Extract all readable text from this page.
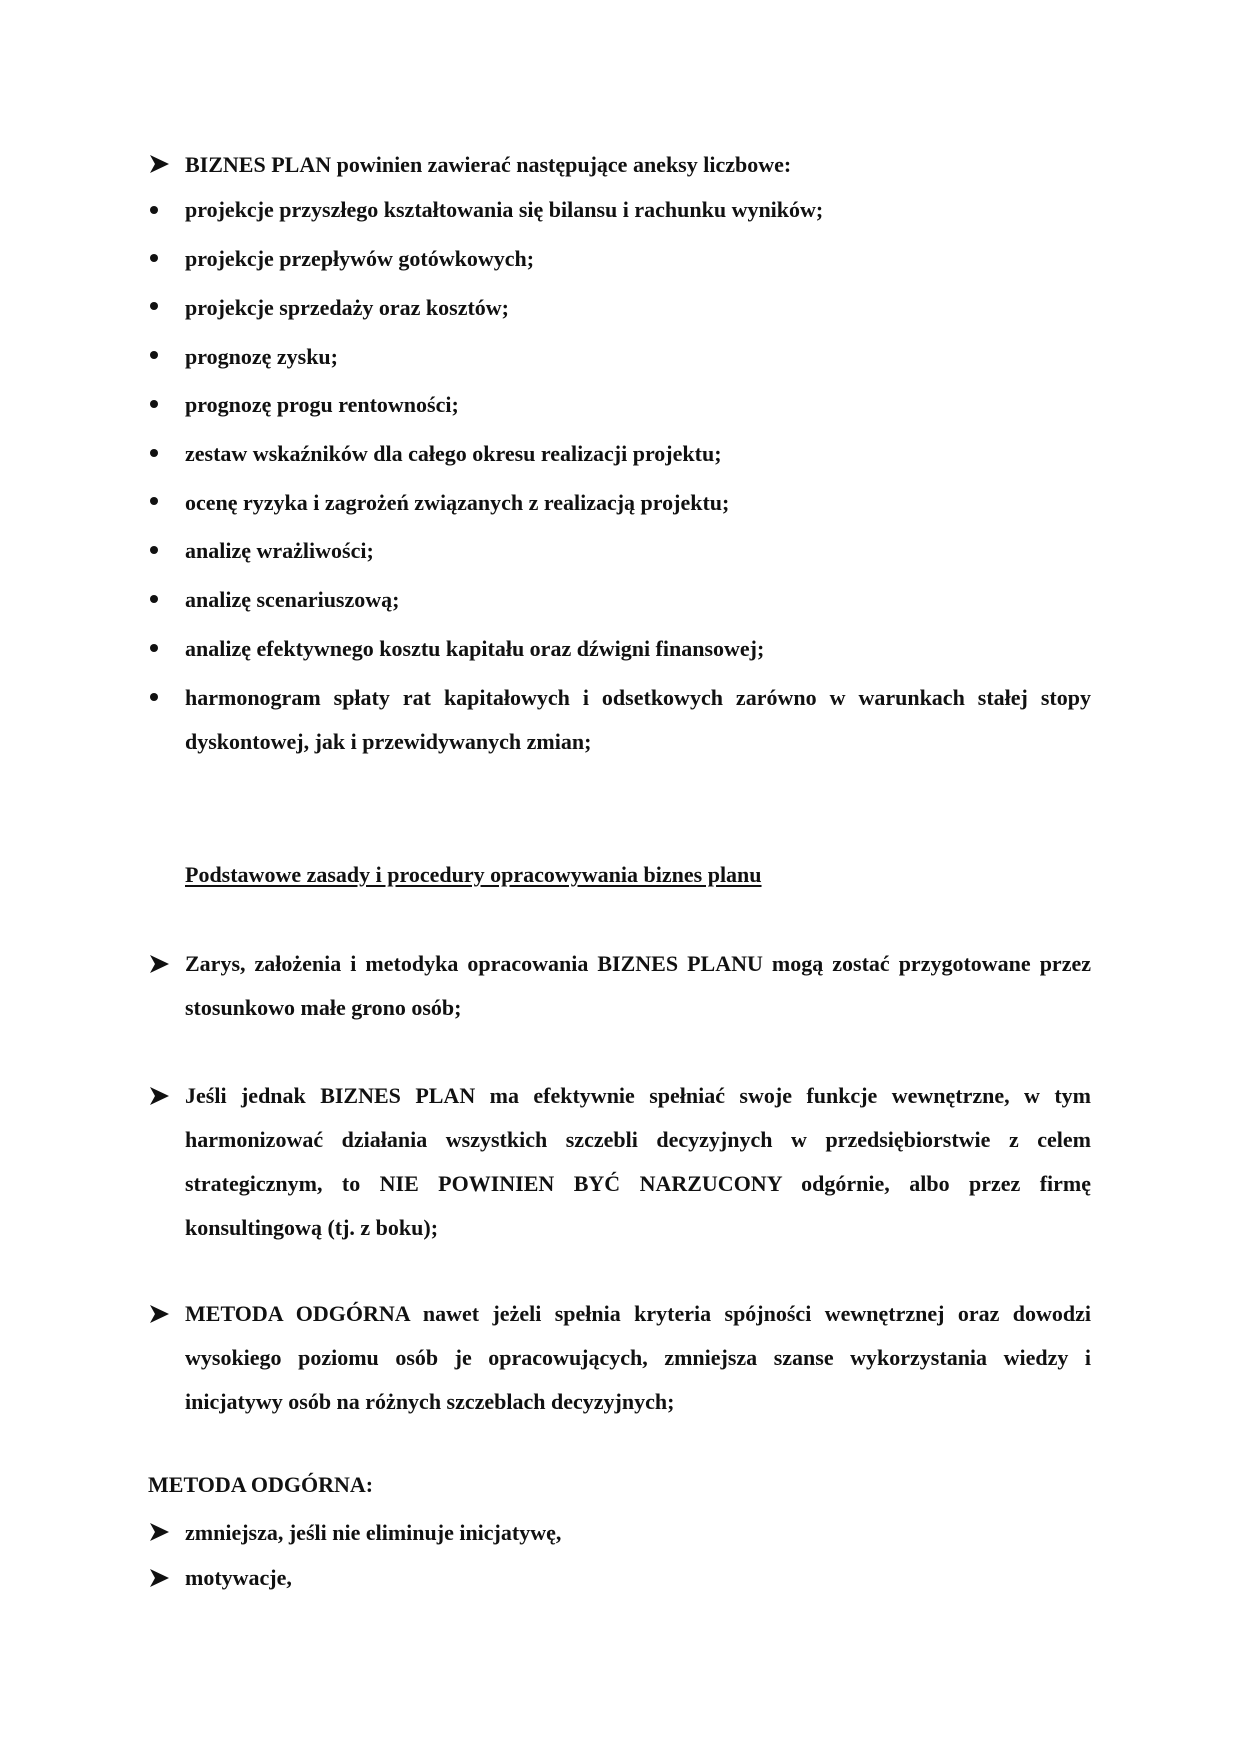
BIZNES PLAN powinien zawierać następujące aneksy liczbowe:
projekcje przyszłego kształtowania się bilansu i rachunku wyników;
projekcje przepływów gotówkowych;
projekcje sprzedaży oraz kosztów;
prognozę zysku;
prognozę progu rentowności;
zestaw wskaźników dla całego okresu realizacji projektu;
ocenę ryzyka i zagrożeń związanych z realizacją projektu;
analizę wrażliwości;
analizę scenariuszową;
analizę efektywnego kosztu kapitału oraz dźwigni finansowej;
harmonogram spłaty rat kapitałowych i odsetkowych zarówno w warunkach stałej stopy dyskontowej, jak i przewidywanych zmian;
Podstawowe zasady i procedury opracowywania biznes planu
Zarys, założenia i metodyka opracowania BIZNES PLANU mogą zostać przygotowane przez stosunkowo małe grono osób;
Jeśli jednak BIZNES PLAN ma efektywnie spełniać swoje funkcje wewnętrzne, w tym harmonizować działania wszystkich szczebli decyzyjnych w przedsiębiorstwie z celem strategicznym, to NIE POWINIEN BYĆ NARZUCONY odgórnie, albo przez firmę konsultingową (tj. z boku);
METODA ODGÓRNA nawet jeżeli spełnia kryteria spójności wewnętrznej oraz dowodzi wysokiego poziomu osób je opracowujących, zmniejsza szanse wykorzystania wiedzy i inicjatywy osób na różnych szczeblach decyzyjnych;
METODA ODGÓRNA:
zmniejsza, jeśli nie eliminuje inicjatywę,
motywacje,
